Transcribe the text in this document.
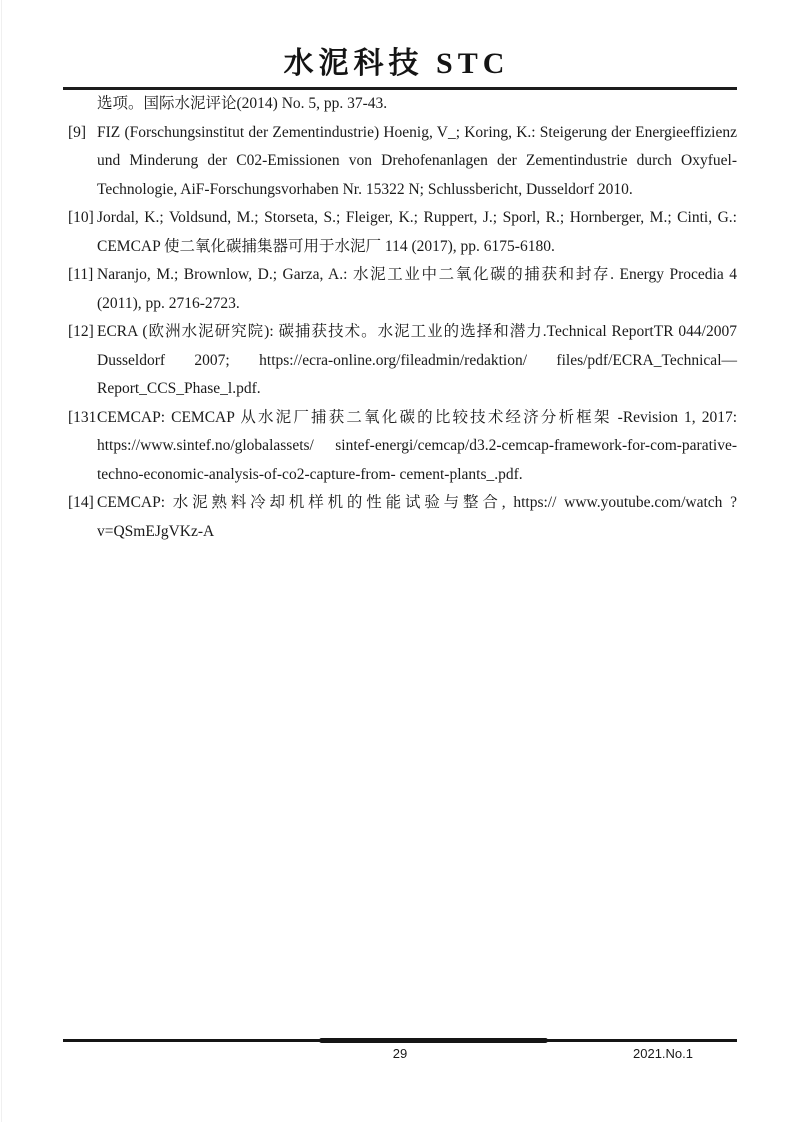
水泥科技 STC

选项。国际水泥评论(2014) No. 5, pp. 37-43.

[9] FIZ (Forschungsinstitut der Zementindustrie) Hoenig, V_; Koring, K.: Steigerung der Energieeffizienz und Minderung der C02-Emissionen von Drehofenanlagen der Zementindustrie durch Oxyfuel-Technologie, AiF-Forschungsvorhaben Nr. 15322 N; Schlussbericht, Dusseldorf 2010.

[10] Jordal, K.; Voldsund, M.; Storseta, S.; Fleiger, K.; Ruppert, J.; Sporl, R.; Hornberger, M.; Cinti, G.: CEMCAP 使二氧化碳捕集器可用于水泥厂 114 (2017), pp. 6175-6180.

[11] Naranjo, M.; Brownlow, D.; Garza, A.: 水泥工业中二氧化碳的捕获和封存. Energy Procedia 4 (2011), pp. 2716-2723.

[12] ECRA (欧洲水泥研究院): 碳捕获技术。水泥工业的选择和潜力.Technical ReportTR 044/2007 Dusseldorf 2007; https://ecra-online.org/fileadmin/redaktion/ files/pdf/ECRA_Technical—Report_CCS_Phase_l.pdf.

[131CEMCAP: CEMCAP 从水泥厂捕获二氧化碳的比较技术经济分析框架 -Revision 1, 2017: https://www.sintef.no/globalassets/ sintef-energi/cemcap/d3.2-cemcap-framework-for-com-parative-techno-economic-analysis-of-co2-capture-from- cement-plants_.pdf.

[14] CEMCAP: 水泥熟料冷却机样机的性能试验与整合, https:// www.youtube.com/watch ?v=QSmEJgVKz-A

29	2021.No.1
